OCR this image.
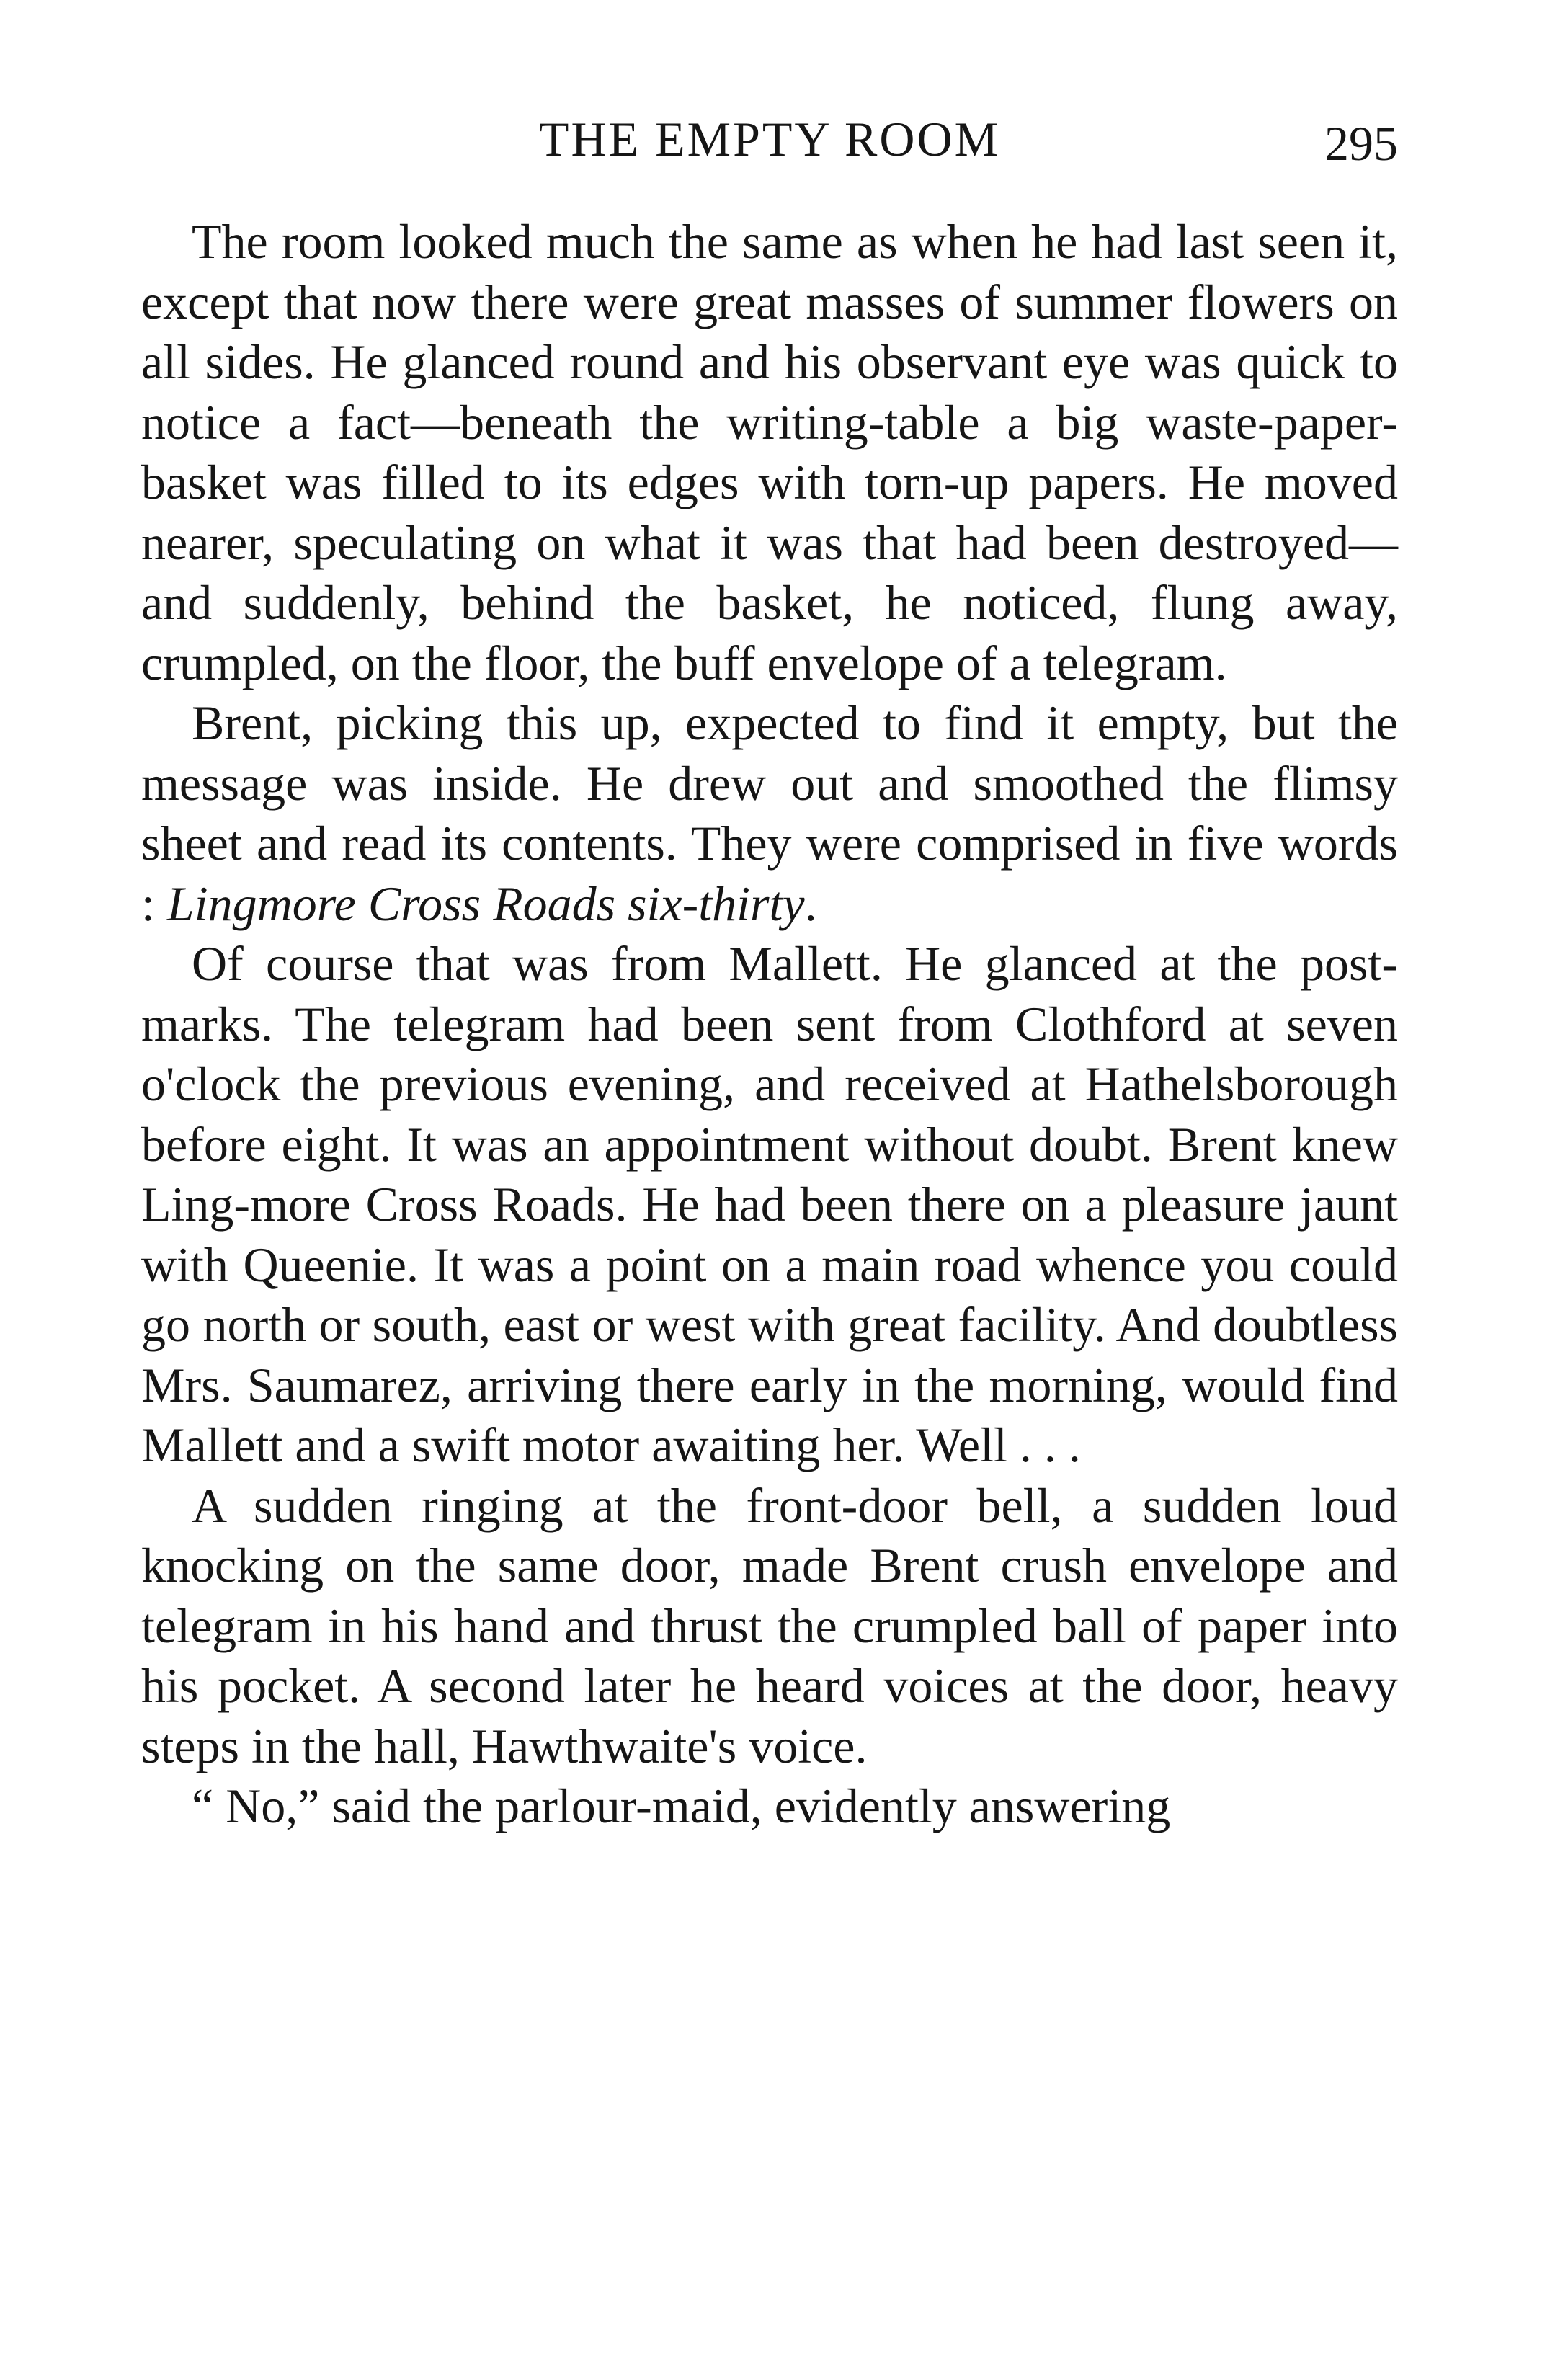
THE EMPTY ROOM	295

The room looked much the same as when he had last seen it, except that now there were great masses of summer flowers on all sides. He glanced round and his observant eye was quick to notice a fact—beneath the writing-table a big waste-paper-basket was filled to its edges with torn-up papers. He moved nearer, speculating on what it was that had been destroyed—and suddenly, behind the basket, he noticed, flung away, crumpled, on the floor, the buff envelope of a telegram.

Brent, picking this up, expected to find it empty, but the message was inside. He drew out and smoothed the flimsy sheet and read its contents. They were comprised in five words : Lingmore Cross Roads six-thirty.

Of course that was from Mallett. He glanced at the post-marks. The telegram had been sent from Clothford at seven o'clock the previous evening, and received at Hathelsborough before eight. It was an appointment without doubt. Brent knew Ling-more Cross Roads. He had been there on a pleasure jaunt with Queenie. It was a point on a main road whence you could go north or south, east or west with great facility. And doubtless Mrs. Saumarez, arriving there early in the morning, would find Mallett and a swift motor awaiting her. Well . . .

A sudden ringing at the front-door bell, a sudden loud knocking on the same door, made Brent crush envelope and telegram in his hand and thrust the crumpled ball of paper into his pocket. A second later he heard voices at the door, heavy steps in the hall, Hawthwaite's voice.

“ No,” said the parlour-maid, evidently answering
